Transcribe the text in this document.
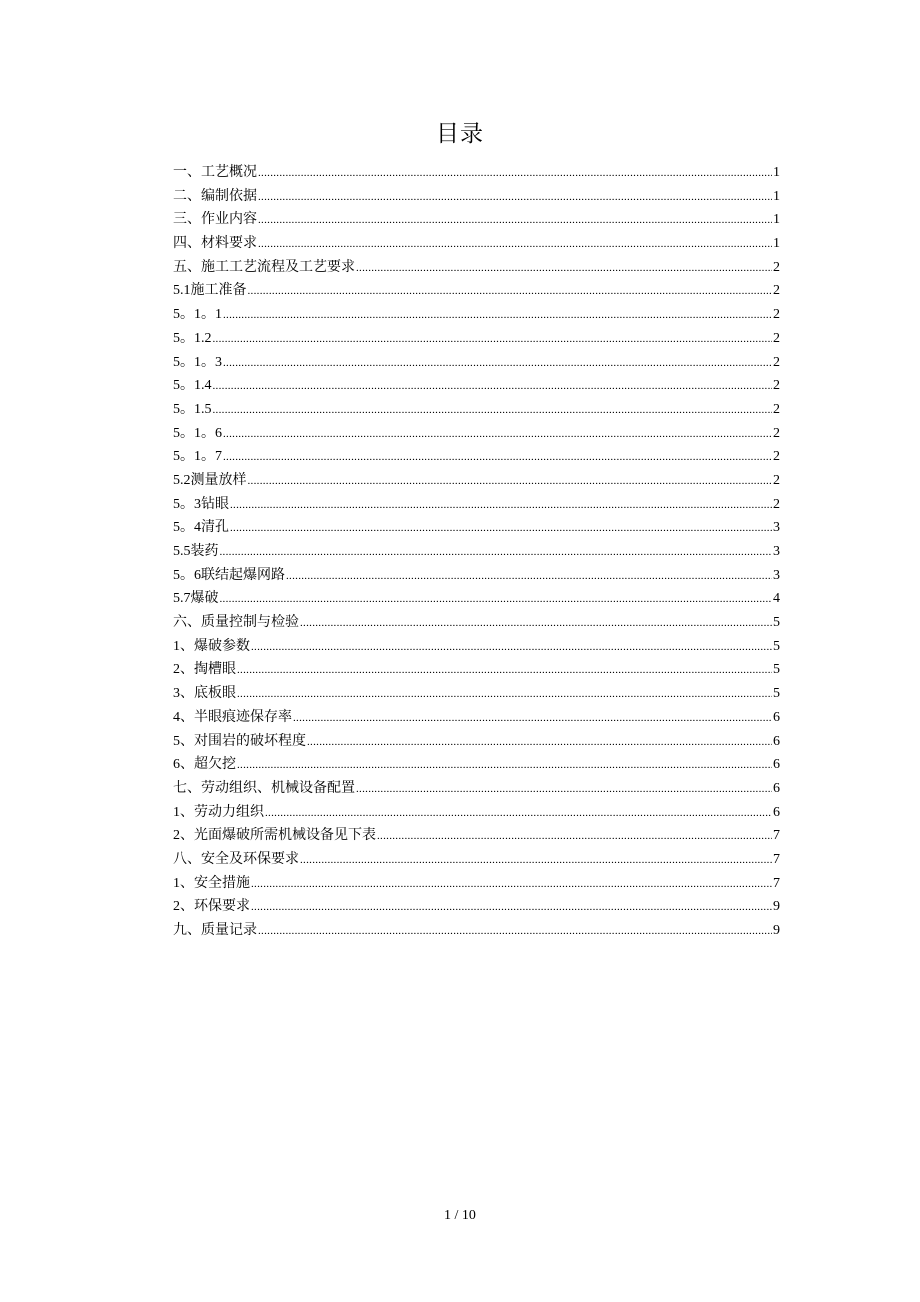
目录
一、工艺概况 .....	1
二、编制依据 .....	1
三、作业内容 .....	1
四、材料要求 .....	1
五、施工工艺流程及工艺要求 .....	2
5.1施工准备 .....	2
5。1。1 .....	2
5。1.2 .....	2
5。1。3 .....	2
5。1.4 .....	2
5。1.5 .....	2
5。1。6 .....	2
5。1。7 .....	2
5.2测量放样 .....	2
5。3钻眼 .....	2
5。4清孔 .....	3
5.5装药 .....	3
5。6联结起爆网路 .....	3
5.7爆破 .....	4
六、质量控制与检验 .....	5
1、爆破参数 .....	5
2、掏槽眼 .....	5
3、底板眼 .....	5
4、半眼痕迹保存率 .....	6
5、对围岩的破坏程度 .....	6
6、超欠挖 .....	6
七、劳动组织、机械设备配置 .....	6
1、劳动力组织 .....	6
2、光面爆破所需机械设备见下表 .....	7
八、安全及环保要求 .....	7
1、安全措施 .....	7
2、环保要求 .....	9
九、质量记录 .....	9
1 / 10
